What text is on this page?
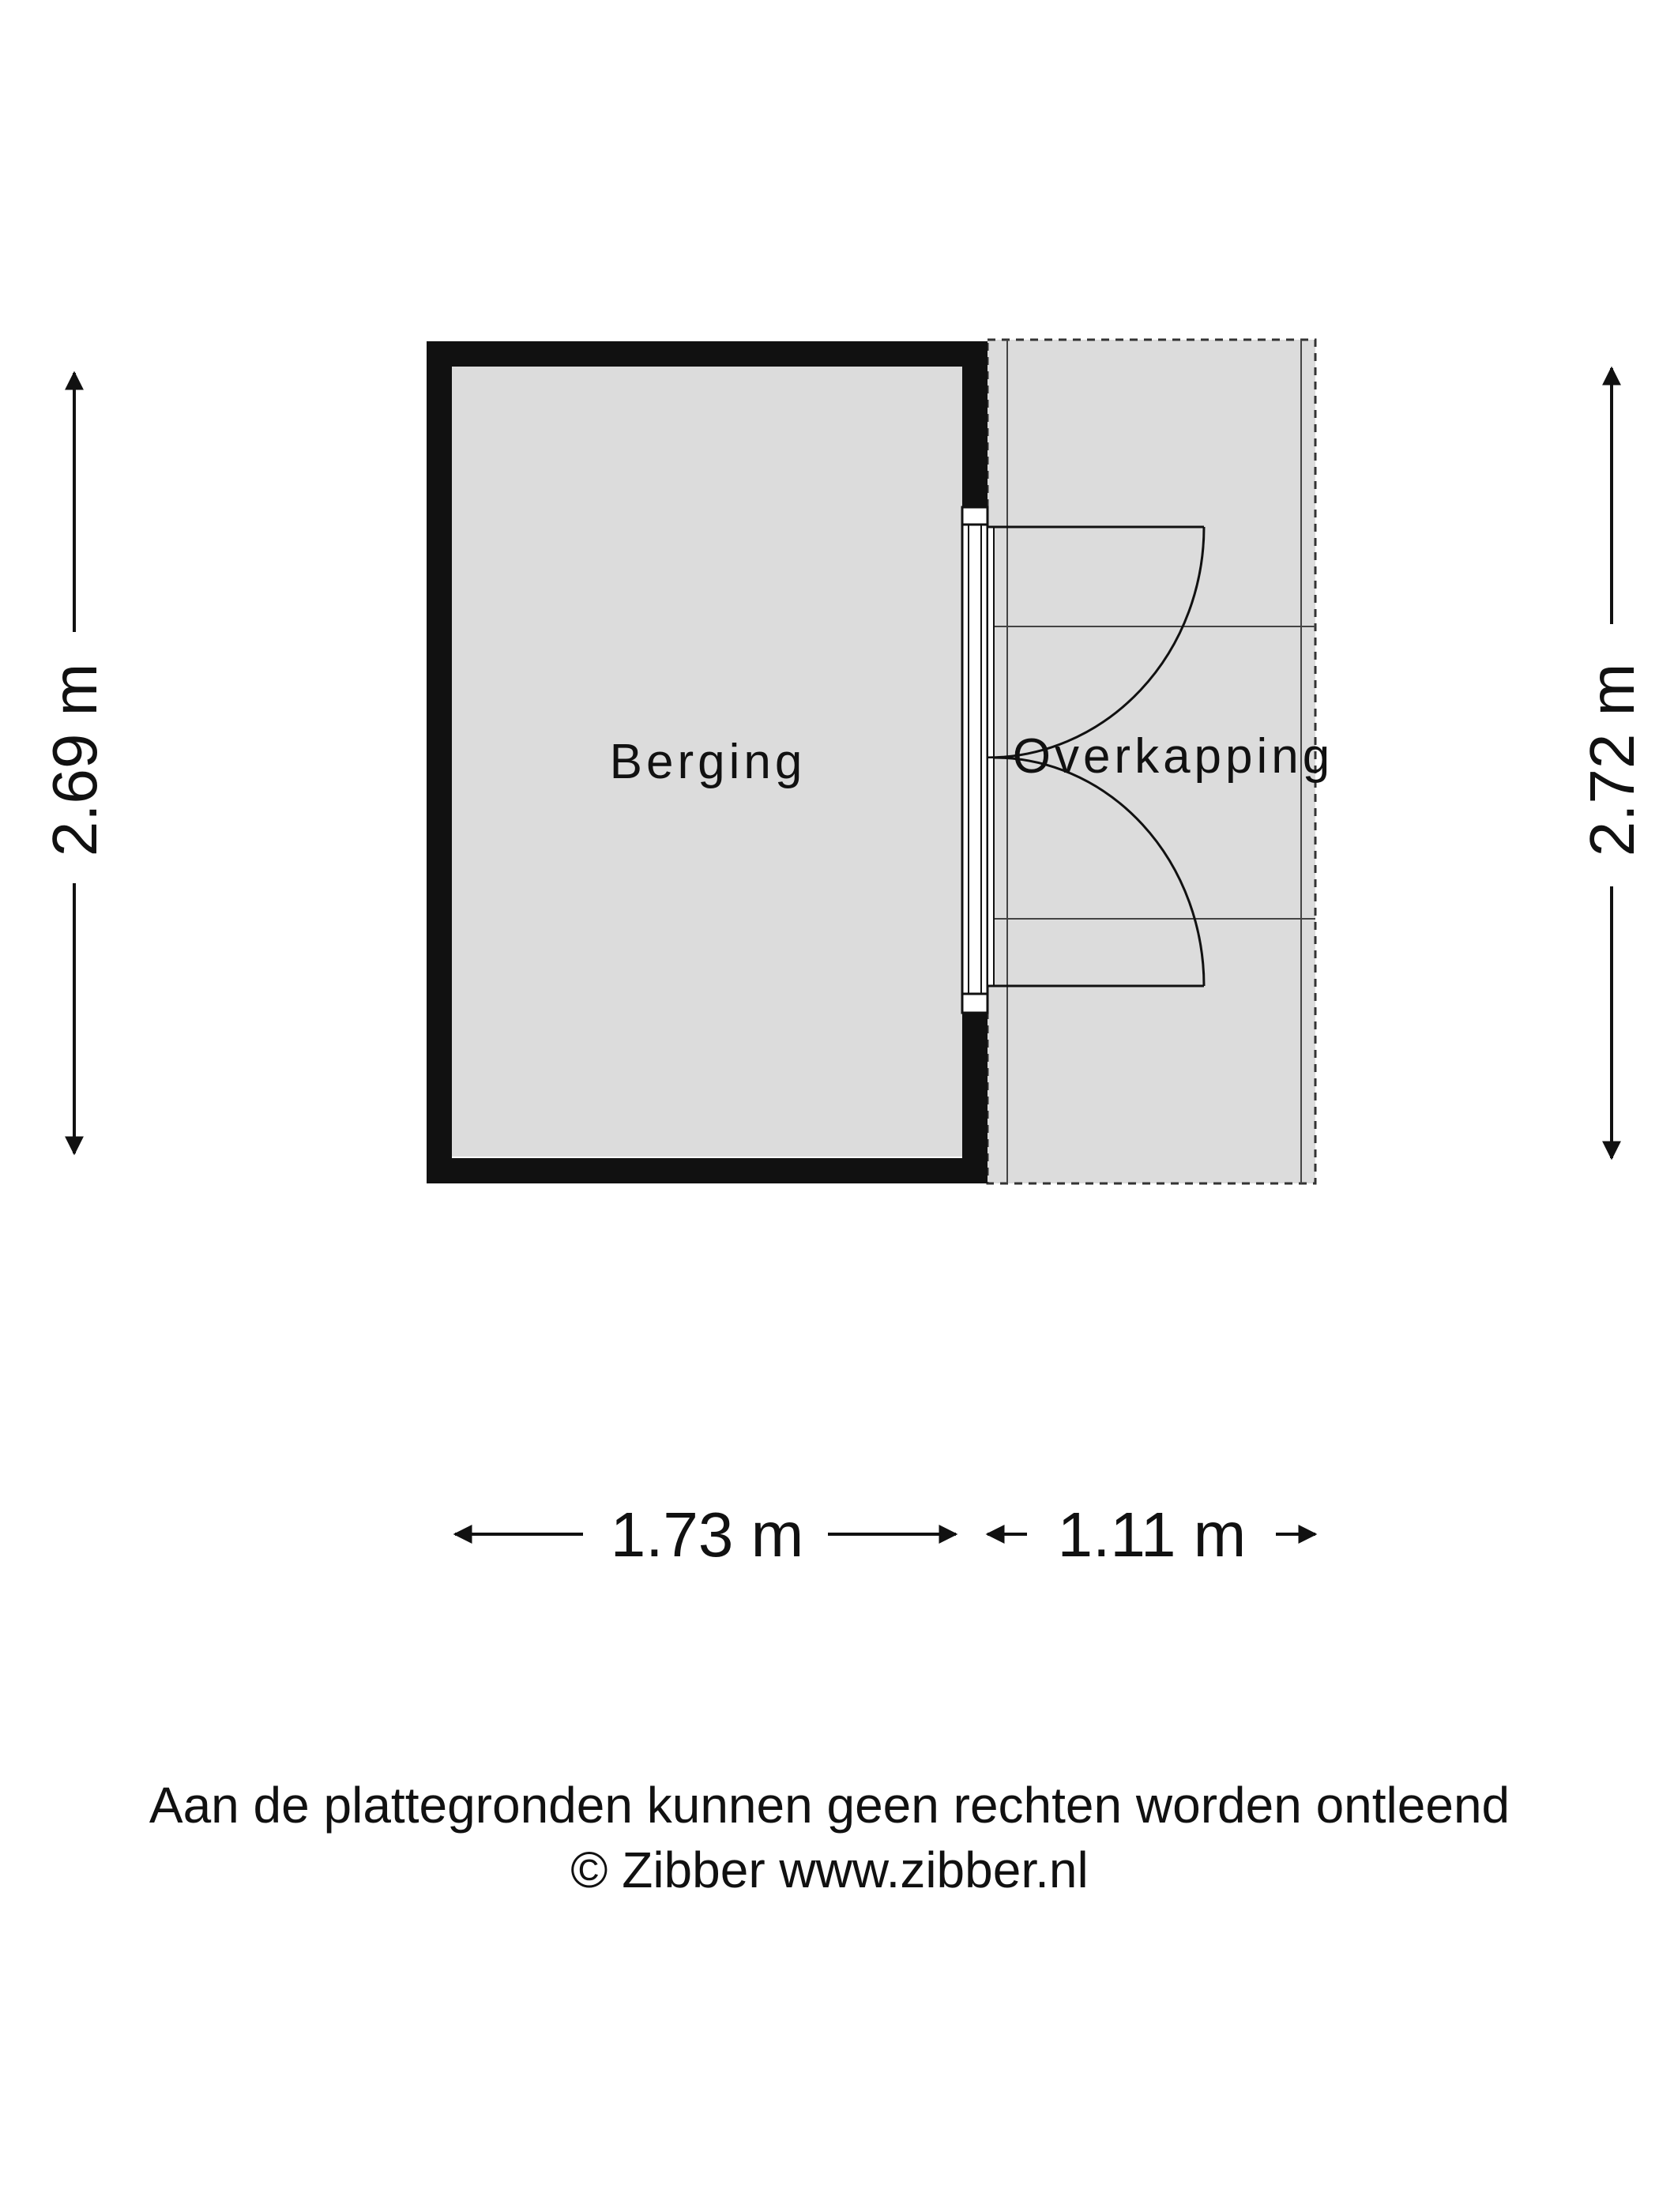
Berging	Overkapping
2.69 m	2.72 m
1.73 m	1.11 m
Aan de plattegronden kunnen geen rechten worden ontleend
© Zibber www.zibber.nl
